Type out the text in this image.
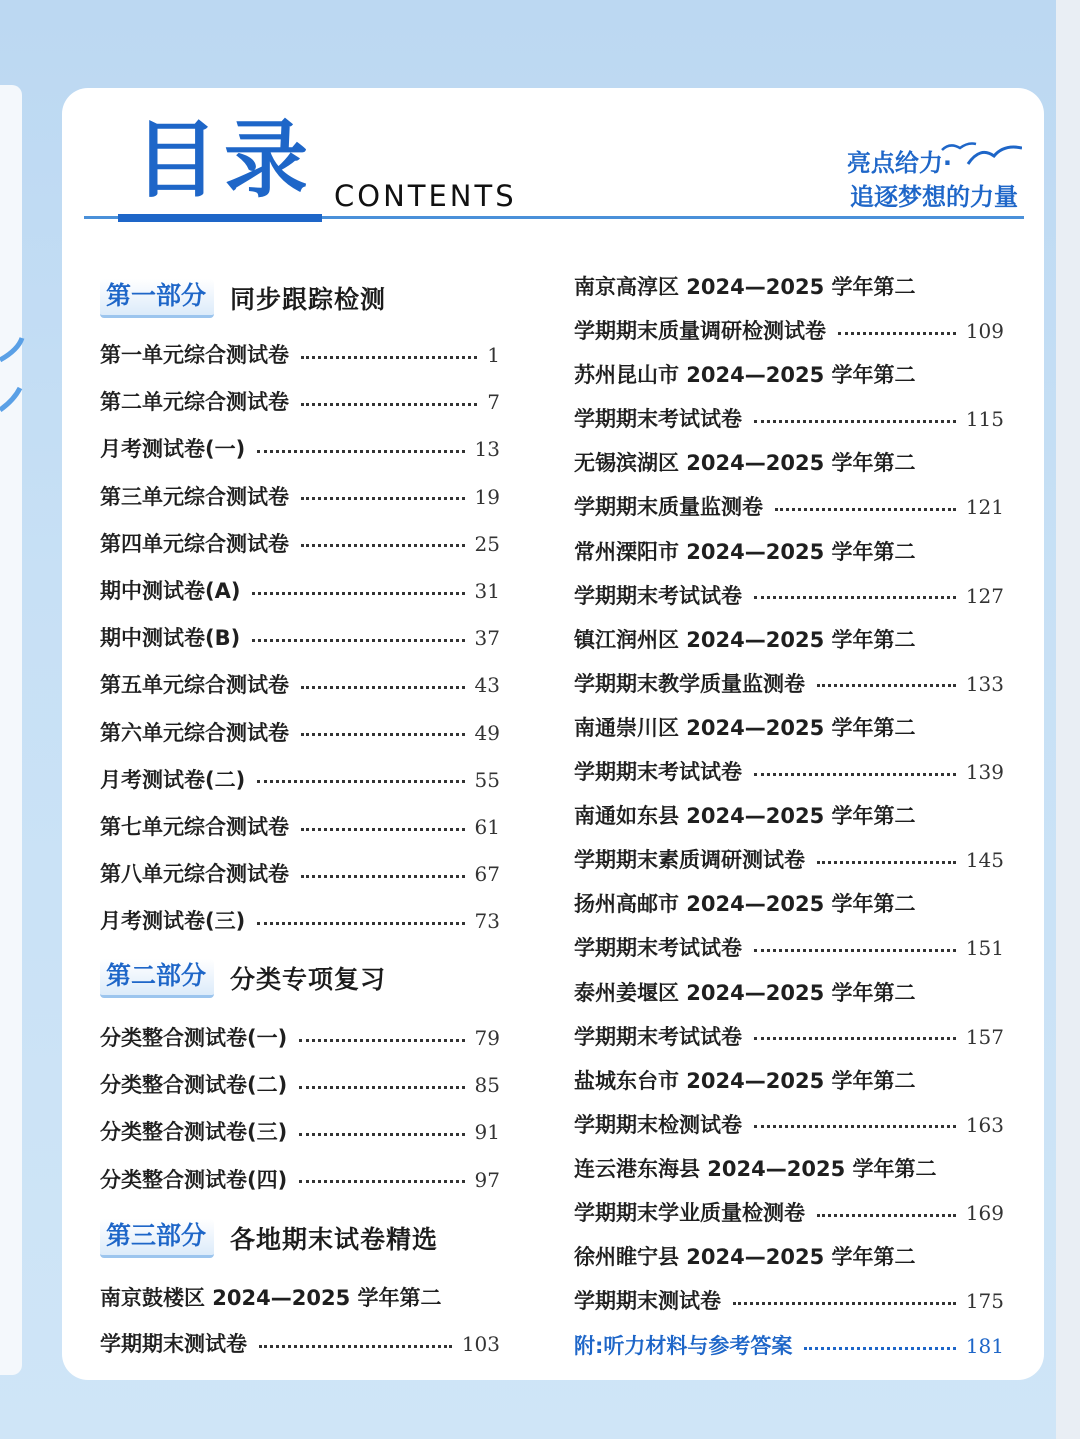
目录 CONTENTS
亮点给力·
追逐梦想的力量
第一部分 同步跟踪检测
第一单元综合测试卷	1
第二单元综合测试卷	7
月考测试卷(一)	13
第三单元综合测试卷	19
第四单元综合测试卷	25
期中测试卷(A)	31
期中测试卷(B)	37
第五单元综合测试卷	43
第六单元综合测试卷	49
月考测试卷(二)	55
第七单元综合测试卷	61
第八单元综合测试卷	67
月考测试卷(三)	73
第二部分 分类专项复习
分类整合测试卷(一)	79
分类整合测试卷(二)	85
分类整合测试卷(三)	91
分类整合测试卷(四)	97
第三部分 各地期末试卷精选
南京鼓楼区 2024—2025 学年第二
学期期末测试卷	103
南京高淳区 2024—2025 学年第二
学期期末质量调研检测试卷	109
苏州昆山市 2024—2025 学年第二
学期期末考试试卷	115
无锡滨湖区 2024—2025 学年第二
学期期末质量监测卷	121
常州溧阳市 2024—2025 学年第二
学期期末考试试卷	127
镇江润州区 2024—2025 学年第二
学期期末教学质量监测卷	133
南通崇川区 2024—2025 学年第二
学期期末考试试卷	139
南通如东县 2024—2025 学年第二
学期期末素质调研测试卷	145
扬州高邮市 2024—2025 学年第二
学期期末考试试卷	151
泰州姜堰区 2024—2025 学年第二
学期期末考试试卷	157
盐城东台市 2024—2025 学年第二
学期期末检测试卷	163
连云港东海县 2024—2025 学年第二
学期期末学业质量检测卷	169
徐州睢宁县 2024—2025 学年第二
学期期末测试卷	175
附:听力材料与参考答案	181
